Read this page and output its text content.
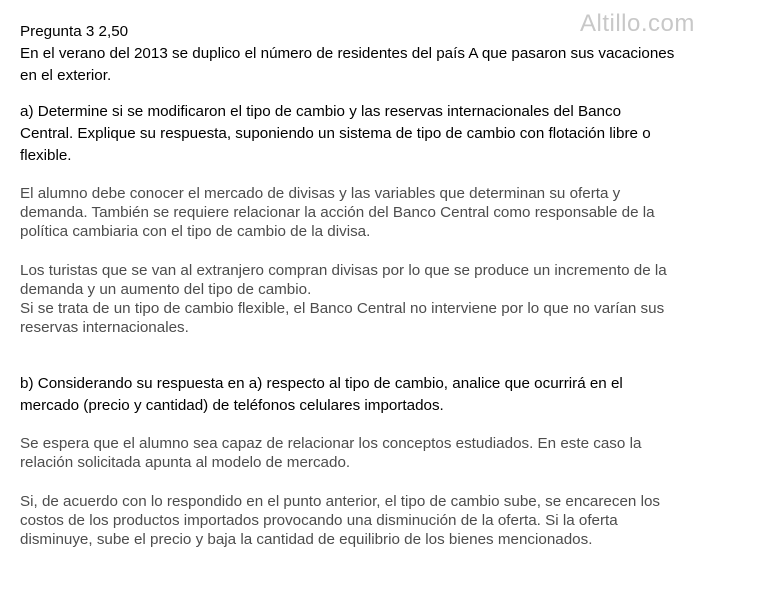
Altillo.com
Pregunta 3 2,50
En el verano del 2013 se duplico el número de residentes del país A que pasaron sus vacaciones
en el exterior.
a) Determine si se modificaron el tipo de cambio y las reservas internacionales del Banco
Central. Explique su respuesta, suponiendo un sistema de tipo de cambio con flotación libre o
flexible.
El alumno debe conocer el mercado de divisas y las variables que determinan su oferta y
demanda. También se requiere relacionar la acción del Banco Central como responsable de la
política cambiaria con el tipo de cambio de la divisa.
Los turistas que se van al extranjero compran divisas por lo que se produce un incremento de la
demanda y un aumento del tipo de cambio.
Si se trata de un tipo de cambio flexible, el Banco Central no interviene por lo que no varían sus
reservas internacionales.
b) Considerando su respuesta en a) respecto al tipo de cambio, analice que ocurrirá en el
mercado (precio y cantidad) de teléfonos celulares importados.
Se espera que el alumno sea capaz de relacionar los conceptos estudiados. En este caso la
relación solicitada apunta al modelo de mercado.
Si, de acuerdo con lo respondido en el punto anterior, el tipo de cambio sube, se encarecen los
costos de los productos importados provocando una disminución de la oferta. Si la oferta
disminuye, sube el precio y baja la cantidad de equilibrio de los bienes mencionados.
